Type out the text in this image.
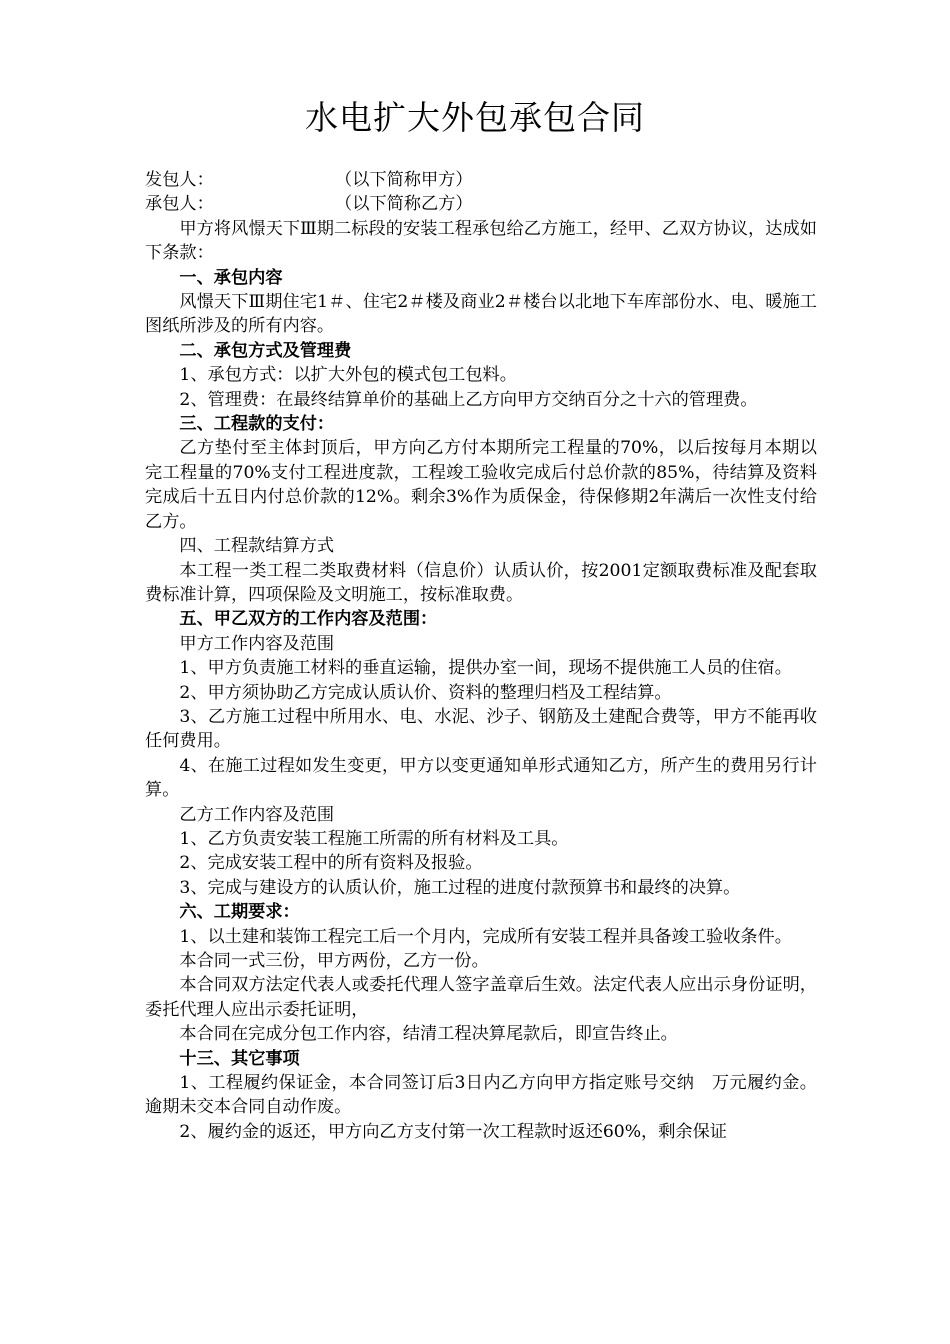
水电扩大外包承包合同

发包人：	（以下简称甲方）

承包人：	（以下简称乙方）

甲方将风憬天下Ⅲ期二标段的安装工程承包给乙方施工，经甲、乙双方协议，达成如下条款：

一、承包内容

风憬天下Ⅲ期住宅1＃、住宅2＃楼及商业2＃楼台以北地下车库部份水、电、暖施工图纸所涉及的所有内容。

二、承包方式及管理费

1、承包方式：以扩大外包的模式包工包料。

2、管理费：在最终结算单价的基础上乙方向甲方交纳百分之十六的管理费。

三、工程款的支付：

乙方垫付至主体封顶后，甲方向乙方付本期所完工程量的70%，以后按每月本期以完工程量的70%支付工程进度款，工程竣工验收完成后付总价款的85%，待结算及资料完成后十五日内付总价款的12%。剩余3%作为质保金，待保修期2年满后一次性支付给乙方。

四、工程款结算方式

本工程一类工程二类取费材料（信息价）认质认价，按2001定额取费标准及配套取费标准计算，四项保险及文明施工，按标准取费。

五、甲乙双方的工作内容及范围：

甲方工作内容及范围

1、甲方负责施工材料的垂直运输，提供办室一间，现场不提供施工人员的住宿。

2、甲方须协助乙方完成认质认价、资料的整理归档及工程结算。

3、乙方施工过程中所用水、电、水泥、沙子、钢筋及土建配合费等，甲方不能再收任何费用。

4、在施工过程如发生变更，甲方以变更通知单形式通知乙方，所产生的费用另行计算。

乙方工作内容及范围

1、乙方负责安装工程施工所需的所有材料及工具。

2、完成安装工程中的所有资料及报验。

3、完成与建设方的认质认价，施工过程的进度付款预算书和最终的决算。

六、工期要求：

1、以土建和装饰工程完工后一个月内，完成所有安装工程并具备竣工验收条件。

本合同一式三份，甲方两份，乙方一份。

本合同双方法定代表人或委托代理人签字盖章后生效。法定代表人应出示身份证明，委托代理人应出示委托证明，

本合同在完成分包工作内容，结清工程决算尾款后，即宣告终止。

十三、其它事项

1、工程履约保证金，本合同签订后3日内乙方向甲方指定账号交纳　万元履约金。逾期未交本合同自动作废。

2、履约金的返还，甲方向乙方支付第一次工程款时返还60%，剩余保证
